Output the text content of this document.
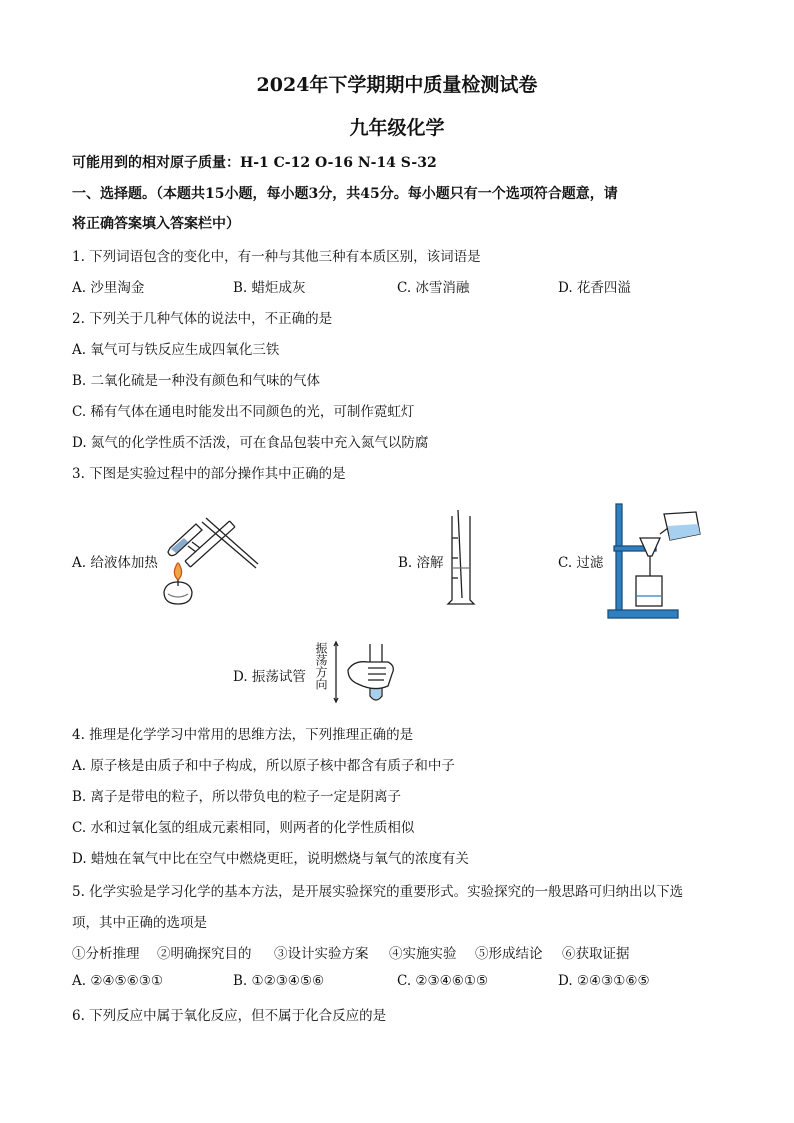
2024年下学期期中质量检测试卷
九年级化学
可能用到的相对原子质量：H-1 C-12 O-16 N-14 S-32
一、选择题。（本题共15小题，每小题3分，共45分。每小题只有一个选项符合题意，请
将正确答案填入答案栏中）
1. 下列词语包含的变化中，有一种与其他三种有本质区别，该词语是
A. 沙里淘金	B. 蜡炬成灰	C. 冰雪消融	D. 花香四溢
2. 下列关于几种气体的说法中，不正确的是
A. 氧气可与铁反应生成四氧化三铁
B. 二氧化硫是一种没有颜色和气味的气体
C. 稀有气体在通电时能发出不同颜色的光，可制作霓虹灯
D. 氮气的化学性质不活泼，可在食品包装中充入氮气以防腐
3. 下图是实验过程中的部分操作其中正确的是
A. 给液体加热	B. 溶解	C. 过滤
D. 振荡试管 振荡方向
4. 推理是化学学习中常用的思维方法，下列推理正确的是
A. 原子核是由质子和中子构成，所以原子核中都含有质子和中子
B. 离子是带电的粒子，所以带负电的粒子一定是阴离子
C. 水和过氧化氢的组成元素相同，则两者的化学性质相似
D. 蜡烛在氧气中比在空气中燃烧更旺，说明燃烧与氧气的浓度有关
5. 化学实验是学习化学的基本方法，是开展实验探究的重要形式。实验探究的一般思路可归纳出以下选
项，其中正确的选项是
①分析推理 ②明确探究目的 ③设计实验方案 ④实施实验 ⑤形成结论 ⑥获取证据
A. ②④⑤⑥③①	B. ①②③④⑤⑥	C. ②③④⑥①⑤	D. ②④③①⑥⑤
6. 下列反应中属于氧化反应，但不属于化合反应的是
